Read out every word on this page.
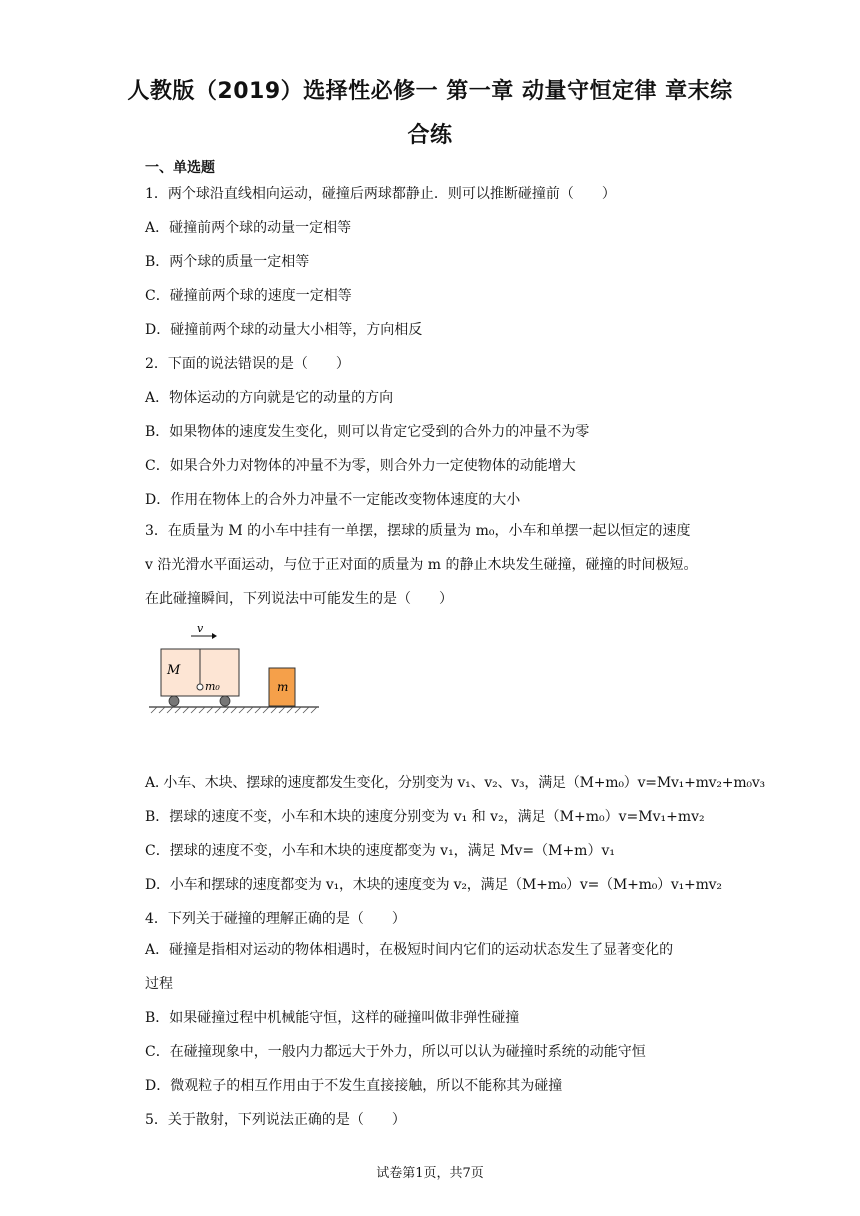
人教版（2019）选择性必修一 第一章 动量守恒定律 章末综
合练
一、单选题
1．两个球沿直线相向运动，碰撞后两球都静止．则可以推断碰撞前（　　）
A．碰撞前两个球的动量一定相等
B．两个球的质量一定相等
C．碰撞前两个球的速度一定相等
D．碰撞前两个球的动量大小相等，方向相反
2．下面的说法错误的是（　　）
A．物体运动的方向就是它的动量的方向
B．如果物体的速度发生变化，则可以肯定它受到的合外力的冲量不为零
C．如果合外力对物体的冲量不为零，则合外力一定使物体的动能增大
D．作用在物体上的合外力冲量不一定能改变物体速度的大小
3．在质量为 M 的小车中挂有一单摆，摆球的质量为 m₀，小车和单摆一起以恒定的速度
v 沿光滑水平面运动，与位于正对面的质量为 m 的静止木块发生碰撞，碰撞的时间极短。
在此碰撞瞬间，下列说法中可能发生的是（　　）
v
M
m₀	m
A. 小车、木块、摆球的速度都发生变化，分别变为 v₁、v₂、v₃，满足（M+m₀）v=Mv₁+mv₂+m₀v₃
B．摆球的速度不变，小车和木块的速度分别变为 v₁ 和 v₂，满足（M+m₀）v=Mv₁+mv₂
C．摆球的速度不变，小车和木块的速度都变为 v₁，满足 Mv=（M+m）v₁
D．小车和摆球的速度都变为 v₁，木块的速度变为 v₂，满足（M+m₀）v=（M+m₀）v₁+mv₂
4．下列关于碰撞的理解正确的是（　　）
A．碰撞是指相对运动的物体相遇时，在极短时间内它们的运动状态发生了显著变化的
过程
B．如果碰撞过程中机械能守恒，这样的碰撞叫做非弹性碰撞
C．在碰撞现象中，一般内力都远大于外力，所以可以认为碰撞时系统的动能守恒
D．微观粒子的相互作用由于不发生直接接触，所以不能称其为碰撞
5．关于散射，下列说法正确的是（　　）
试卷第1页，共7页
